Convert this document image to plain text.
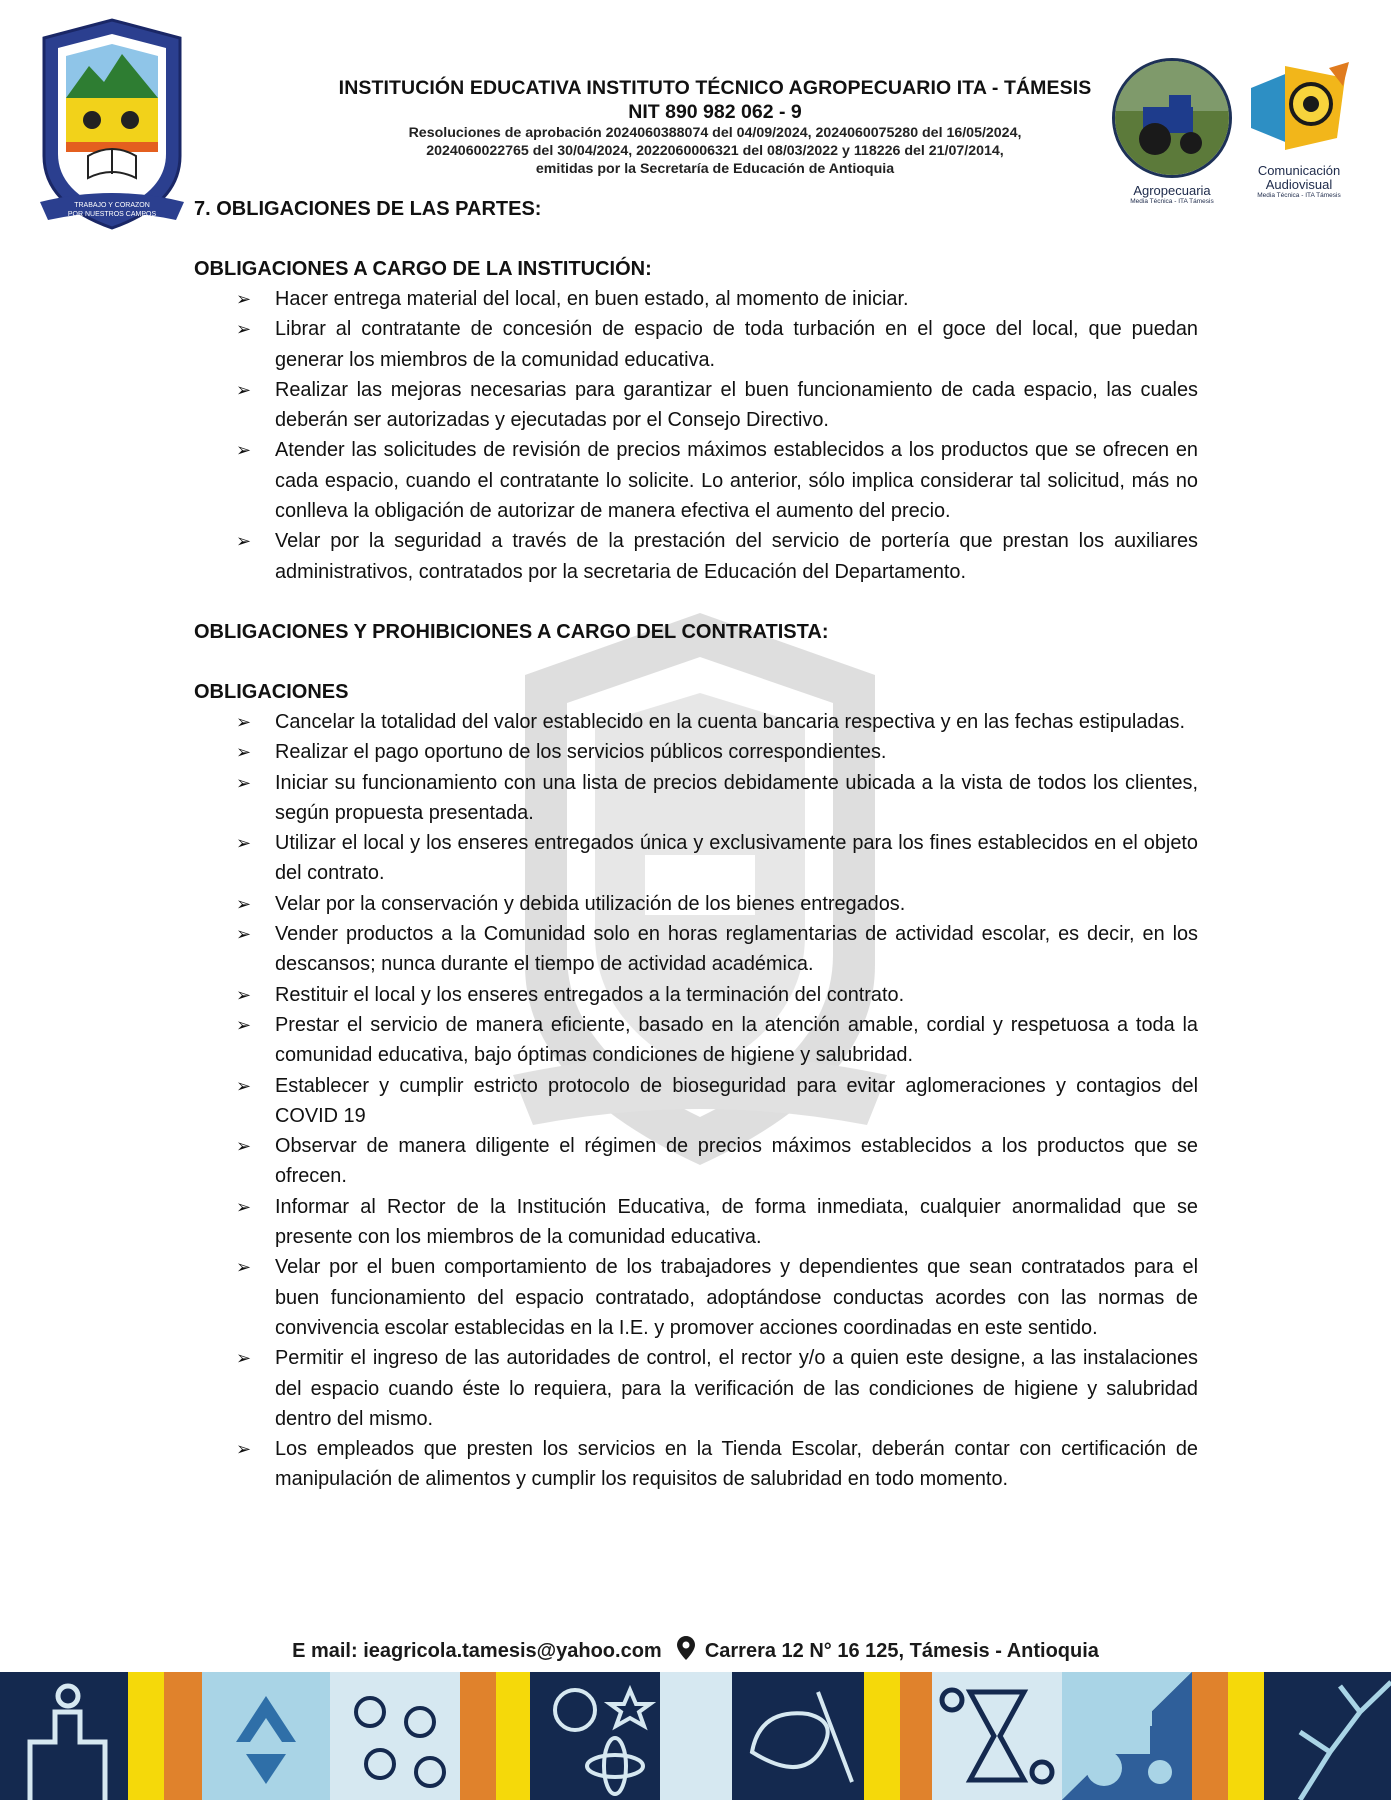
TRABAJO Y CORAZON
POR NUESTROS CAMPOS
INSTITUCIÓN EDUCATIVA INSTITUTO TÉCNICO AGROPECUARIO ITA - TÁMESIS
NIT 890 982 062 - 9
Resoluciones de aprobación 2024060388074 del 04/09/2024, 2024060075280 del 16/05/2024,
2024060022765 del 30/04/2024, 2022060006321 del 08/03/2022 y 118226 del 21/07/2014,
emitidas por la Secretaría de Educación de Antioquia
Agropecuaria
Media Técnica - ITA Támesis
Comunicación
Audiovisual
Media Técnica - ITA Támesis

7. OBLIGACIONES DE LAS PARTES:

OBLIGACIONES A CARGO DE LA INSTITUCIÓN:

➢ Hacer entrega material del local, en buen estado, al momento de iniciar.
➢ Librar al contratante de concesión de espacio de toda turbación en el goce del local, que puedan generar los miembros de la comunidad educativa.
➢ Realizar las mejoras necesarias para garantizar el buen funcionamiento de cada espacio, las cuales deberán ser autorizadas y ejecutadas por el Consejo Directivo.
➢ Atender las solicitudes de revisión de precios máximos establecidos a los productos que se ofrecen en cada espacio, cuando el contratante lo solicite. Lo anterior, sólo implica considerar tal solicitud, más no conlleva la obligación de autorizar de manera efectiva el aumento del precio.
➢ Velar por la seguridad a través de la prestación del servicio de portería que prestan los auxiliares administrativos, contratados por la secretaria de Educación del Departamento.

OBLIGACIONES Y PROHIBICIONES A CARGO DEL CONTRATISTA:

OBLIGACIONES

➢ Cancelar la totalidad del valor establecido en la cuenta bancaria respectiva y en las fechas estipuladas.
➢ Realizar el pago oportuno de los servicios públicos correspondientes.
➢ Iniciar su funcionamiento con una lista de precios debidamente ubicada a la vista de todos los clientes, según propuesta presentada.
➢ Utilizar el local y los enseres entregados única y exclusivamente para los fines establecidos en el objeto del contrato.
➢ Velar por la conservación y debida utilización de los bienes entregados.
➢ Vender productos a la Comunidad solo en horas reglamentarias de actividad escolar, es decir, en los descansos; nunca durante el tiempo de actividad académica.
➢ Restituir el local y los enseres entregados a la terminación del contrato.
➢ Prestar el servicio de manera eficiente, basado en la atención amable, cordial y respetuosa a toda la comunidad educativa, bajo óptimas condiciones de higiene y salubridad.
➢ Establecer y cumplir estricto protocolo de bioseguridad para evitar aglomeraciones y contagios del COVID 19
➢ Observar de manera diligente el régimen de precios máximos establecidos a los productos que se ofrecen.
➢ Informar al Rector de la Institución Educativa, de forma inmediata, cualquier anormalidad que se presente con los miembros de la comunidad educativa.
➢ Velar por el buen comportamiento de los trabajadores y dependientes que sean contratados para el buen funcionamiento del espacio contratado, adoptándose conductas acordes con las normas de convivencia escolar establecidas en la I.E. y promover acciones coordinadas en este sentido.
➢ Permitir el ingreso de las autoridades de control, el rector y/o a quien este designe, a las instalaciones del espacio cuando éste lo requiera, para la verificación de las condiciones de higiene y salubridad dentro del mismo.
➢ Los empleados que presten los servicios en la Tienda Escolar, deberán contar con certificación de manipulación de alimentos y cumplir los requisitos de salubridad en todo momento.
E mail: ieagricola.tamesis@yahoo.com Carrera 12 N° 16 125, Támesis - Antioquia
